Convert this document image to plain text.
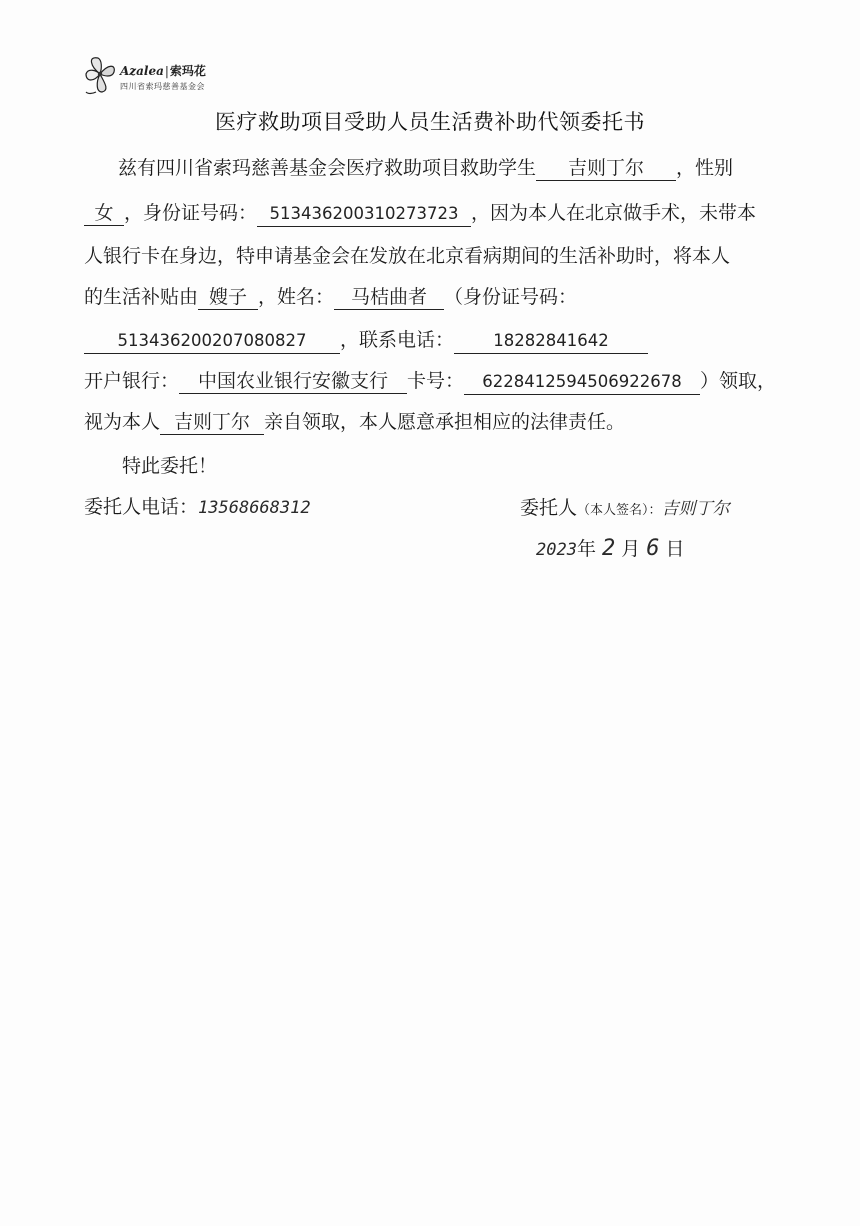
Azalea|索玛花
四川省索玛慈善基金会
医疗救助项目受助人员生活费补助代领委托书
兹有四川省索玛慈善基金会医疗救助项目救助学生 吉则丁尔 ，性别
女 ，身份证号码： 513436200310273723 ，因为本人在北京做手术，未带本
人银行卡在身边，特申请基金会在发放在北京看病期间的生活补助时，将本人
的生活补贴由 嫂子 ，姓名： 马桔曲者 （身份证号码：
513436200207080827 ，联系电话： 18282841642
开户银行： 中国农业银行安徽支行 卡号： 6228412594506922678 ）领取，
视为本人 吉则丁尔 亲自领取，本人愿意承担相应的法律责任。
特此委托！
委托人电话：13568668312	委托人（本人签名）：吉则丁尔
2023年 2 月 6 日
